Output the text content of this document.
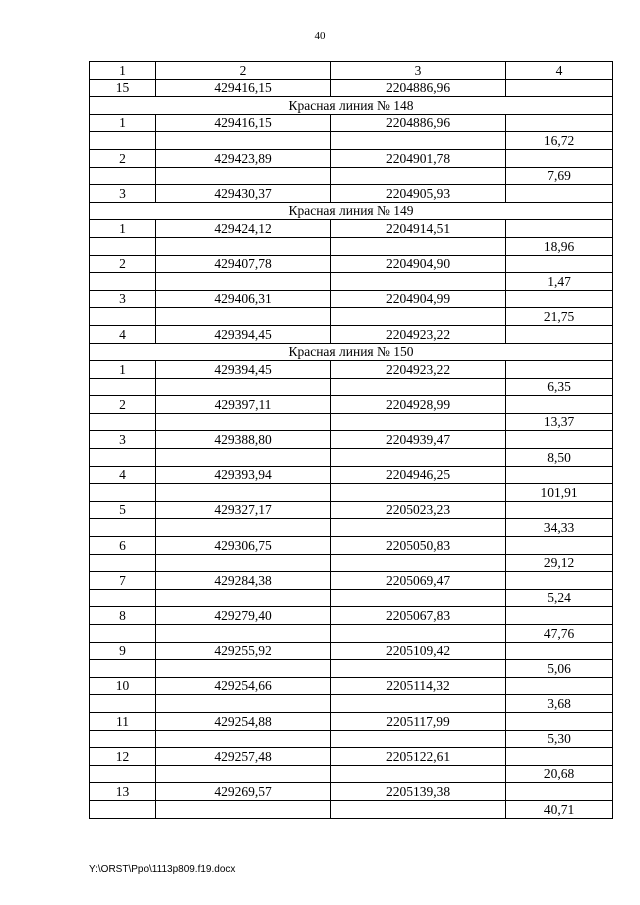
40
1	2	3	4
15	429416,15	2204886,96	
Красная линия № 148			
1	429416,15	2204886,96	
			16,72
2	429423,89	2204901,78	
			7,69
3	429430,37	2204905,93	
Красная линия № 149			
1	429424,12	2204914,51	
			18,96
2	429407,78	2204904,90	
			1,47
3	429406,31	2204904,99	
			21,75
4	429394,45	2204923,22	
Красная линия № 150			
1	429394,45	2204923,22	
			6,35
2	429397,11	2204928,99	
			13,37
3	429388,80	2204939,47	
			8,50
4	429393,94	2204946,25	
			101,91
5	429327,17	2205023,23	
			34,33
6	429306,75	2205050,83	
			29,12
7	429284,38	2205069,47	
			5,24
8	429279,40	2205067,83	
			47,76
9	429255,92	2205109,42	
			5,06
10	429254,66	2205114,32	
			3,68
11	429254,88	2205117,99	
			5,30
12	429257,48	2205122,61	
			20,68
13	429269,57	2205139,38	
			40,71
Y:\ORST\Ppo\1113p809.f19.docx
